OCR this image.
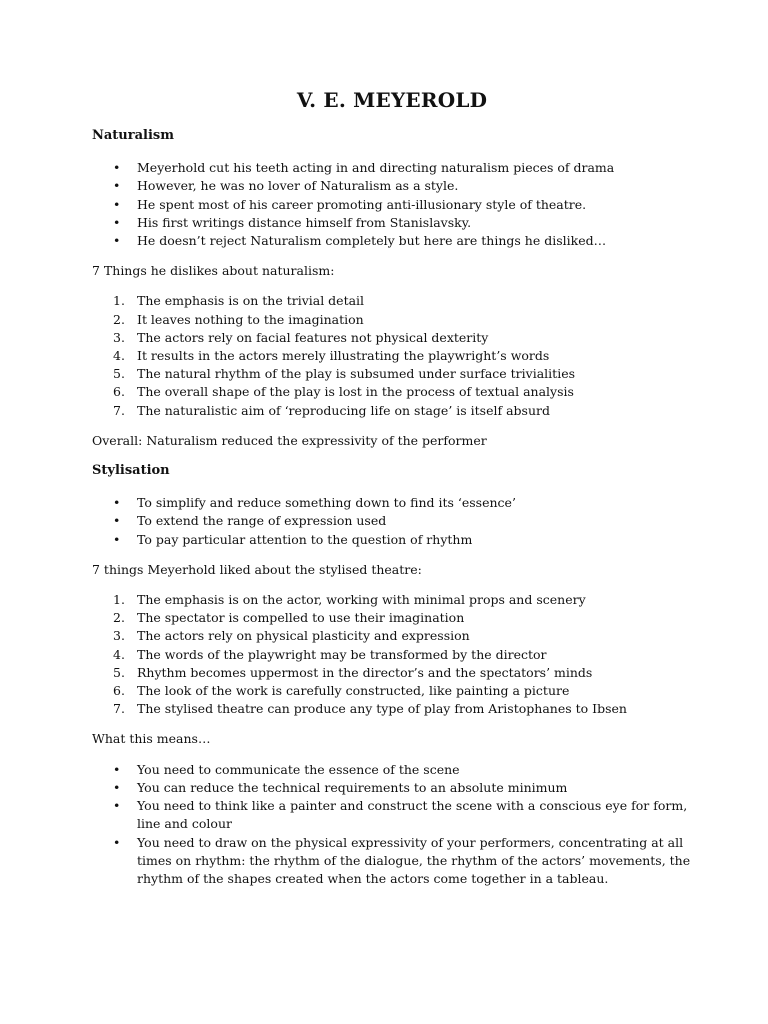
V. E. MEYEROLD
Naturalism
• Meyerhold cut his teeth acting in and directing naturalism pieces of drama
• However, he was no lover of Naturalism as a style.
• He spent most of his career promoting anti-illusionary style of theatre.
• His first writings distance himself from Stanislavsky.
• He doesn’t reject Naturalism completely but here are things he disliked…

7 Things he dislikes about naturalism:

1. The emphasis is on the trivial detail
2. It leaves nothing to the imagination
3. The actors rely on facial features not physical dexterity
4. It results in the actors merely illustrating the playwright’s words
5. The natural rhythm of the play is subsumed under surface trivialities
6. The overall shape of the play is lost in the process of textual analysis
7. The naturalistic aim of ‘reproducing life on stage’ is itself absurd

Overall: Naturalism reduced the expressivity of the performer

Stylisation
• To simplify and reduce something down to find its ‘essence’
• To extend the range of expression used
• To pay particular attention to the question of rhythm

7 things Meyerhold liked about the stylised theatre:

1. The emphasis is on the actor, working with minimal props and scenery
2. The spectator is compelled to use their imagination
3. The actors rely on physical plasticity and expression
4. The words of the playwright may be transformed by the director
5. Rhythm becomes uppermost in the director’s and the spectators’ minds
6. The look of the work is carefully constructed, like painting a picture
7. The stylised theatre can produce any type of play from Aristophanes to Ibsen

What this means…

• You need to communicate the essence of the scene
• You can reduce the technical requirements to an absolute minimum
• You need to think like a painter and construct the scene with a conscious eye for form, line and colour
• You need to draw on the physical expressivity of your performers, concentrating at all times on rhythm: the rhythm of the dialogue, the rhythm of the actors’ movements, the rhythm of the shapes created when the actors come together in a tableau.
